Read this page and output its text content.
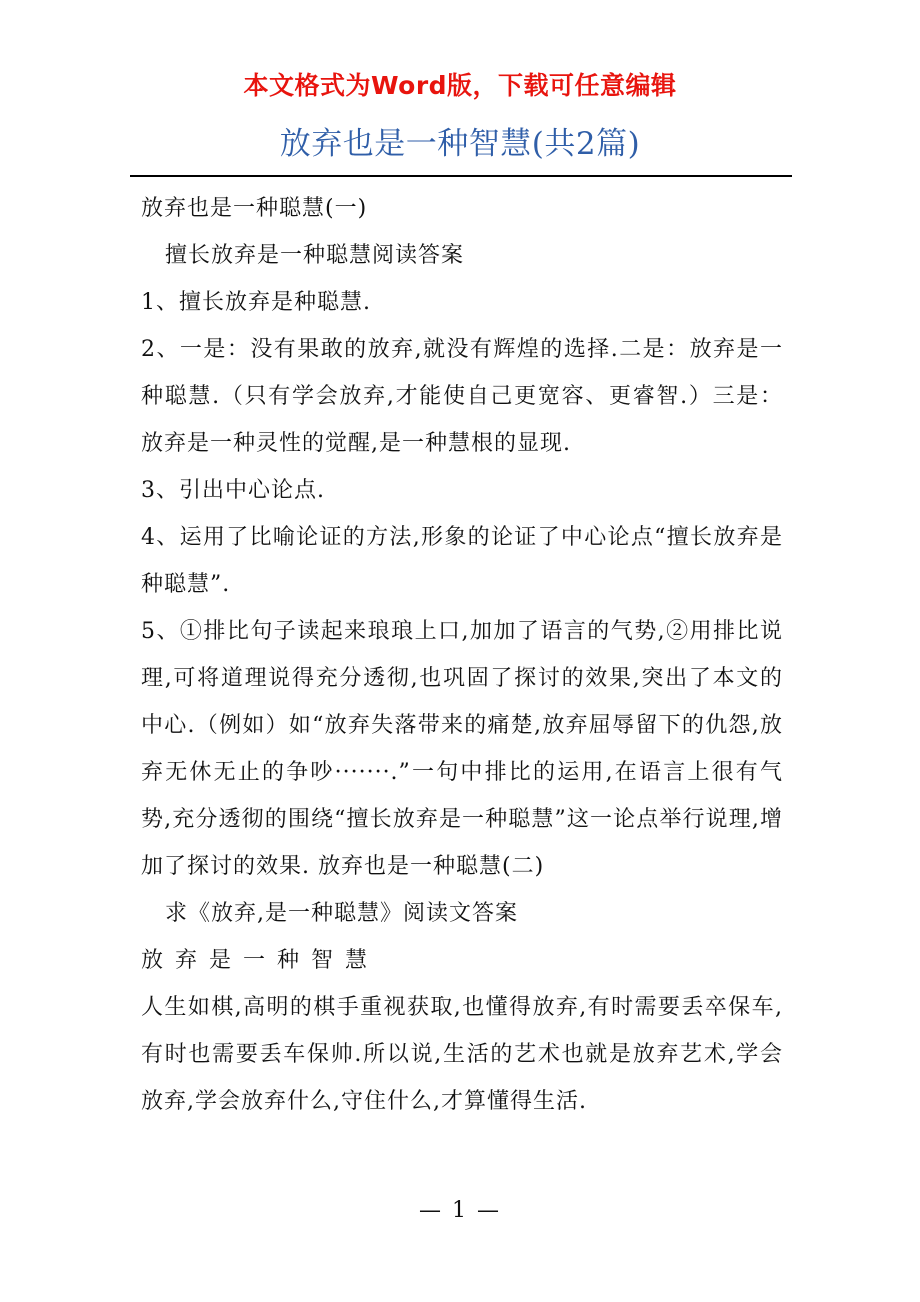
本文格式为Word版，下载可任意编辑
放弃也是一种智慧(共2篇)

放弃也是一种聪慧(一)

擅长放弃是一种聪慧阅读答案

1、擅长放弃是种聪慧.

2、一是：没有果敢的放弃,就没有辉煌的选择.二是：放弃是一种聪慧.（只有学会放弃,才能使自己更宽容、更睿智.）三是：放弃是一种灵性的觉醒,是一种慧根的显现.

3、引出中心论点.

4、运用了比喻论证的方法,形象的论证了中心论点“擅长放弃是种聪慧”.

5、①排比句子读起来琅琅上口,加加了语言的气势,②用排比说理,可将道理说得充分透彻,也巩固了探讨的效果,突出了本文的中心.（例如）如“放弃失落带来的痛楚,放弃屈辱留下的仇怨,放弃无休无止的争吵·······.”一句中排比的运用,在语言上很有气势,充分透彻的围绕“擅长放弃是一种聪慧”这一论点举行说理,增加了探讨的效果. 放弃也是一种聪慧(二)

求《放弃,是一种聪慧》阅读文答案

放弃是一种智慧

人生如棋,高明的棋手重视获取,也懂得放弃,有时需要丢卒保车,有时也需要丢车保帅.所以说,生活的艺术也就是放弃艺术,学会放弃,学会放弃什么,守住什么,才算懂得生活.

— 1 —
